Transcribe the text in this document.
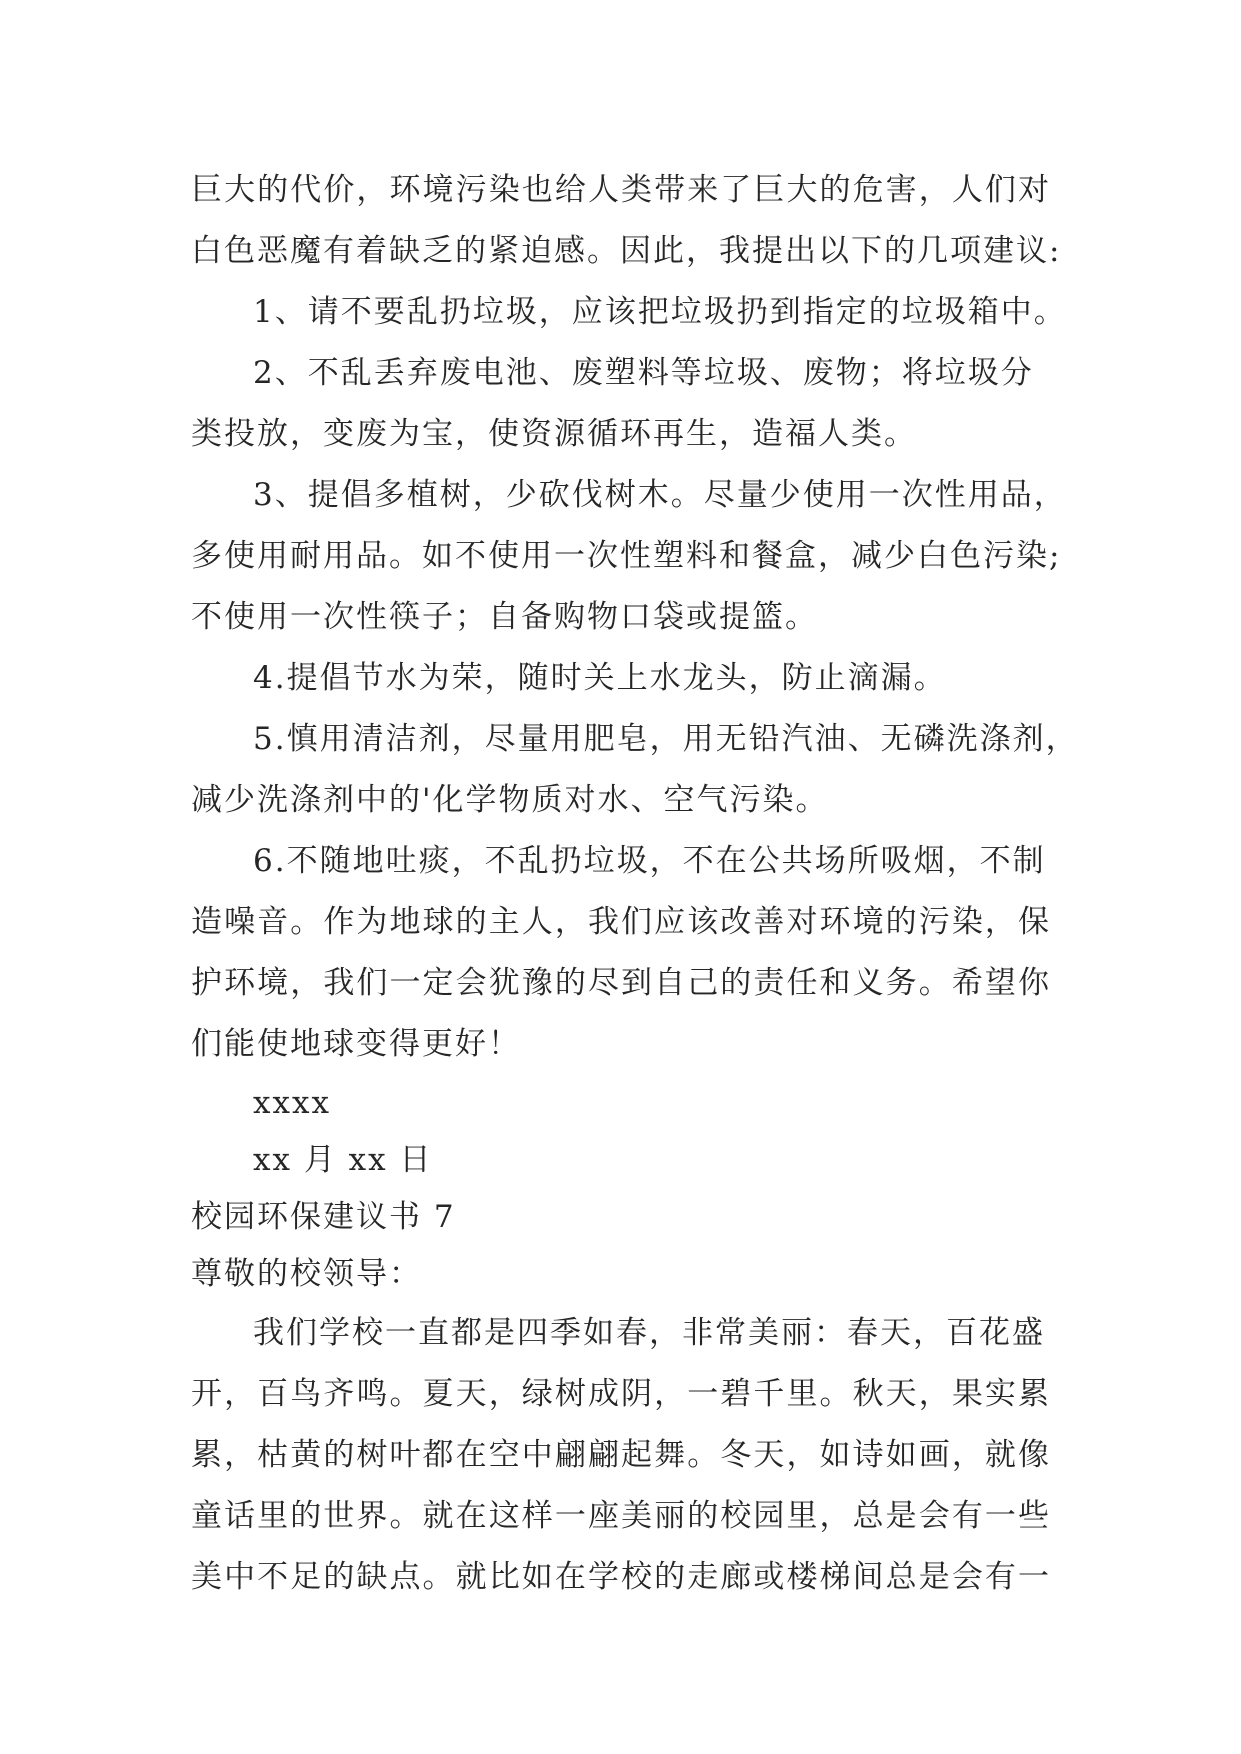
巨大的代价，环境污染也给人类带来了巨大的危害，人们对
白色恶魔有着缺乏的紧迫感。因此，我提出以下的几项建议:
1、请不要乱扔垃圾，应该把垃圾扔到指定的垃圾箱中。
2、不乱丢弃废电池、废塑料等垃圾、废物；将垃圾分
类投放，变废为宝，使资源循环再生，造福人类。
3、提倡多植树，少砍伐树木。尽量少使用一次性用品，
多使用耐用品。如不使用一次性塑料和餐盒，减少白色污染;
不使用一次性筷子；自备购物口袋或提篮。
4.提倡节水为荣，随时关上水龙头，防止滴漏。
5.慎用清洁剂，尽量用肥皂，用无铅汽油、无磷洗涤剂，
减少洗涤剂中的'化学物质对水、空气污染。
6.不随地吐痰，不乱扔垃圾，不在公共场所吸烟，不制
造噪音。作为地球的主人，我们应该改善对环境的污染，保
护环境，我们一定会犹豫的尽到自己的责任和义务。希望你
们能使地球变得更好！
xxxx
xx 月 xx 日
校园环保建议书 7
尊敬的校领导：
我们学校一直都是四季如春，非常美丽：春天，百花盛
开，百鸟齐鸣。夏天，绿树成阴，一碧千里。秋天，果实累
累，枯黄的树叶都在空中翩翩起舞。冬天，如诗如画，就像
童话里的世界。就在这样一座美丽的校园里，总是会有一些
美中不足的缺点。就比如在学校的走廊或楼梯间总是会有一
